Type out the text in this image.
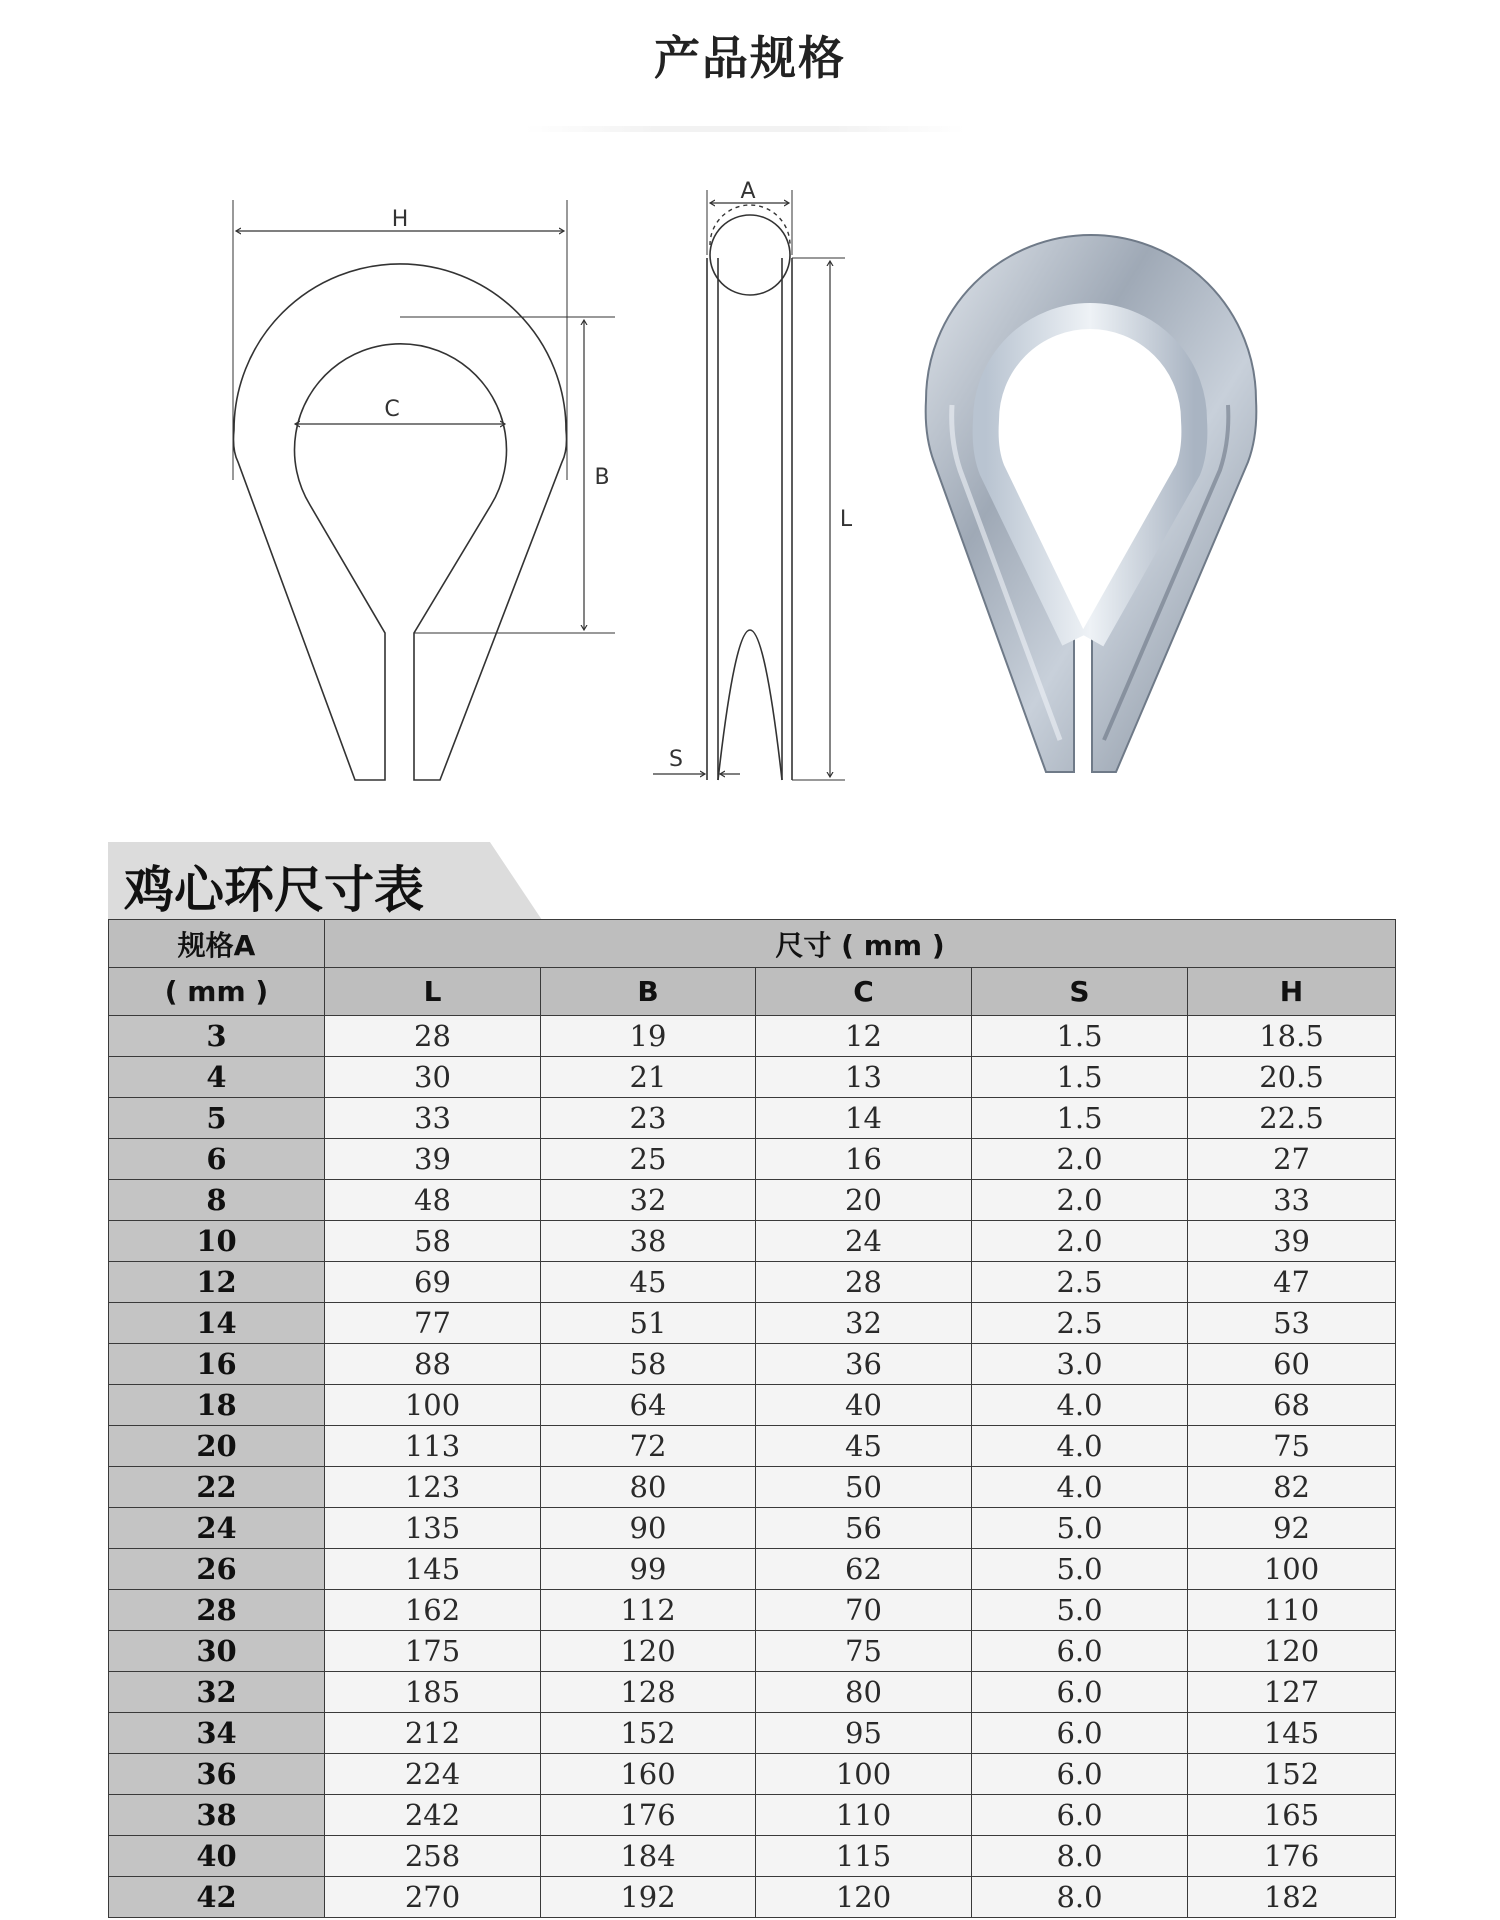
产品规格
H
C
B
A
L
S
鸡心环尺寸表
规格A	尺寸 ( mm )				
( mm )	L	B	C	S	H
3	28	19	12	1.5	18.5
4	30	21	13	1.5	20.5
5	33	23	14	1.5	22.5
6	39	25	16	2.0	27
8	48	32	20	2.0	33
10	58	38	24	2.0	39
12	69	45	28	2.5	47
14	77	51	32	2.5	53
16	88	58	36	3.0	60
18	100	64	40	4.0	68
20	113	72	45	4.0	75
22	123	80	50	4.0	82
24	135	90	56	5.0	92
26	145	99	62	5.0	100
28	162	112	70	5.0	110
30	175	120	75	6.0	120
32	185	128	80	6.0	127
34	212	152	95	6.0	145
36	224	160	100	6.0	152
38	242	176	110	6.0	165
40	258	184	115	8.0	176
42	270	192	120	8.0	182
